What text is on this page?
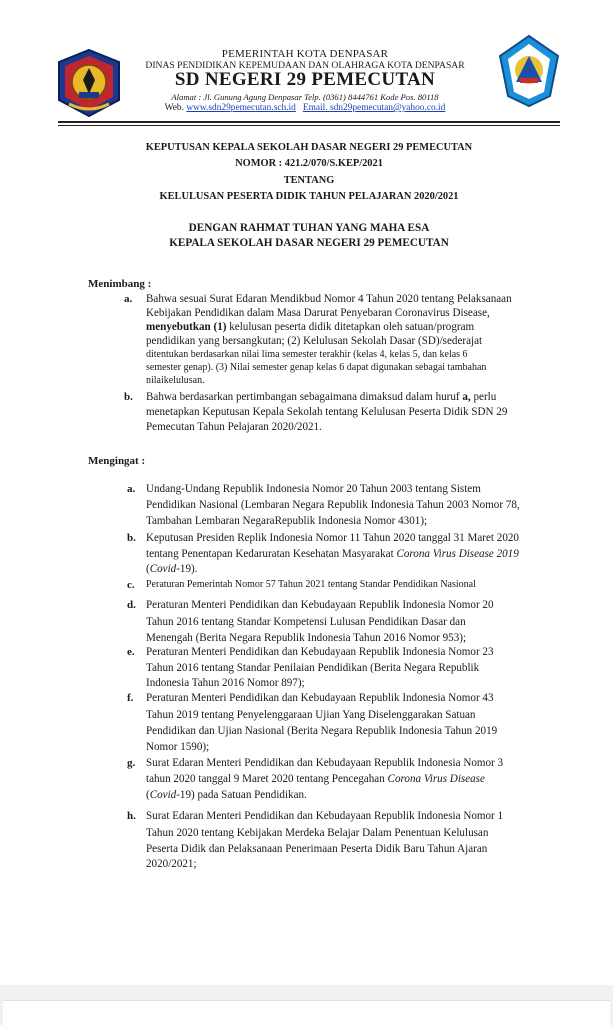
PEMERINTAH KOTA DENPASAR
DINAS PENDIDIKAN KEPEMUDAAN DAN OLAHRAGA KOTA DENPASAR
SD NEGERI 29 PEMECUTAN
Alamat : Jl. Gunung Agung Denpasar Telp. (0361) 8444761 Kode Pos. 80118
Web. www.sdn29pemecutan.sch.id Email. sdn29pemecutan@yahoo.co.id
KEPUTUSAN KEPALA SEKOLAH DASAR NEGERI 29 PEMECUTAN
NOMOR : 421.2/070/S.KEP/2021
TENTANG
KELULUSAN PESERTA DIDIK TAHUN PELAJARAN 2020/2021
DENGAN RAHMAT TUHAN YANG MAHA ESA
KEPALA SEKOLAH DASAR NEGERI 29 PEMECUTAN
Menimbang :
a. Bahwa sesuai Surat Edaran Mendikbud Nomor 4 Tahun 2020 tentang Pelaksanaan
Kebijakan Pendidikan dalam Masa Darurat Penyebaran Coronavirus Disease,
menyebutkan (1) kelulusan peserta didik ditetapkan oleh satuan/program
pendidikan yang bersangkutan; (2) Kelulusan Sekolah Dasar (SD)/sederajat
ditentukan berdasarkan nilai lima semester terakhir (kelas 4, kelas 5, dan kelas 6
semester genap). (3) Nilai semester genap kelas 6 dapat digunakan sebagai tambahan
nilaikelulusan.
b. Bahwa berdasarkan pertimbangan sebagaimana dimaksud dalam huruf a, perlu
menetapkan Keputusan Kepala Sekolah tentang Kelulusan Peserta Didik SDN 29
Pemecutan Tahun Pelajaran 2020/2021.
Mengingat :
a. Undang-Undang Republik Indonesia Nomor 20 Tahun 2003 tentang Sistem
Pendidikan Nasional (Lembaran Negara Republik Indonesia Tahun 2003 Nomor 78,
Tambahan Lembaran NegaraRepublik Indonesia Nomor 4301);
b. Keputusan Presiden Replik Indonesia Nomor 11 Tahun 2020 tanggal 31 Maret 2020
tentang Penentapan Kedaruratan Kesehatan Masyarakat Corona Virus Disease 2019
(Covid-19).
c. Peraturan Pemerintah Nomor 57 Tahun 2021 tentang Standar Pendidikan Nasional
d. Peraturan Menteri Pendidikan dan Kebudayaan Republik Indonesia Nomor 20
Tahun 2016 tentang Standar Kompetensi Lulusan Pendidikan Dasar dan
Menengah (Berita Negara Republik Indonesia Tahun 2016 Nomor 953);
e. Peraturan Menteri Pendidikan dan Kebudayaan Republik Indonesia Nomor 23
Tahun 2016 tentang Standar Penilaian Pendidikan (Berita Negara Republik
Indonesia Tahun 2016 Nomor 897);
f. Peraturan Menteri Pendidikan dan Kebudayaan Republik Indonesia Nomor 43
Tahun 2019 tentang Penyelenggaraan Ujian Yang Diselenggarakan Satuan
Pendidikan dan Ujian Nasional (Berita Negara Republik Indonesia Tahun 2019
Nomor 1590);
g. Surat Edaran Menteri Pendidikan dan Kebudayaan Republik Indonesia Nomor 3
tahun 2020 tanggal 9 Maret 2020 tentang Pencegahan Corona Virus Disease
(Covid-19) pada Satuan Pendidikan.
h. Surat Edaran Menteri Pendidikan dan Kebudayaan Republik Indonesia Nomor 1
Tahun 2020 tentang Kebijakan Merdeka Belajar Dalam Penentuan Kelulusan
Peserta Didik dan Pelaksanaan Penerimaan Peserta Didik Baru Tahun Ajaran
2020/2021;
